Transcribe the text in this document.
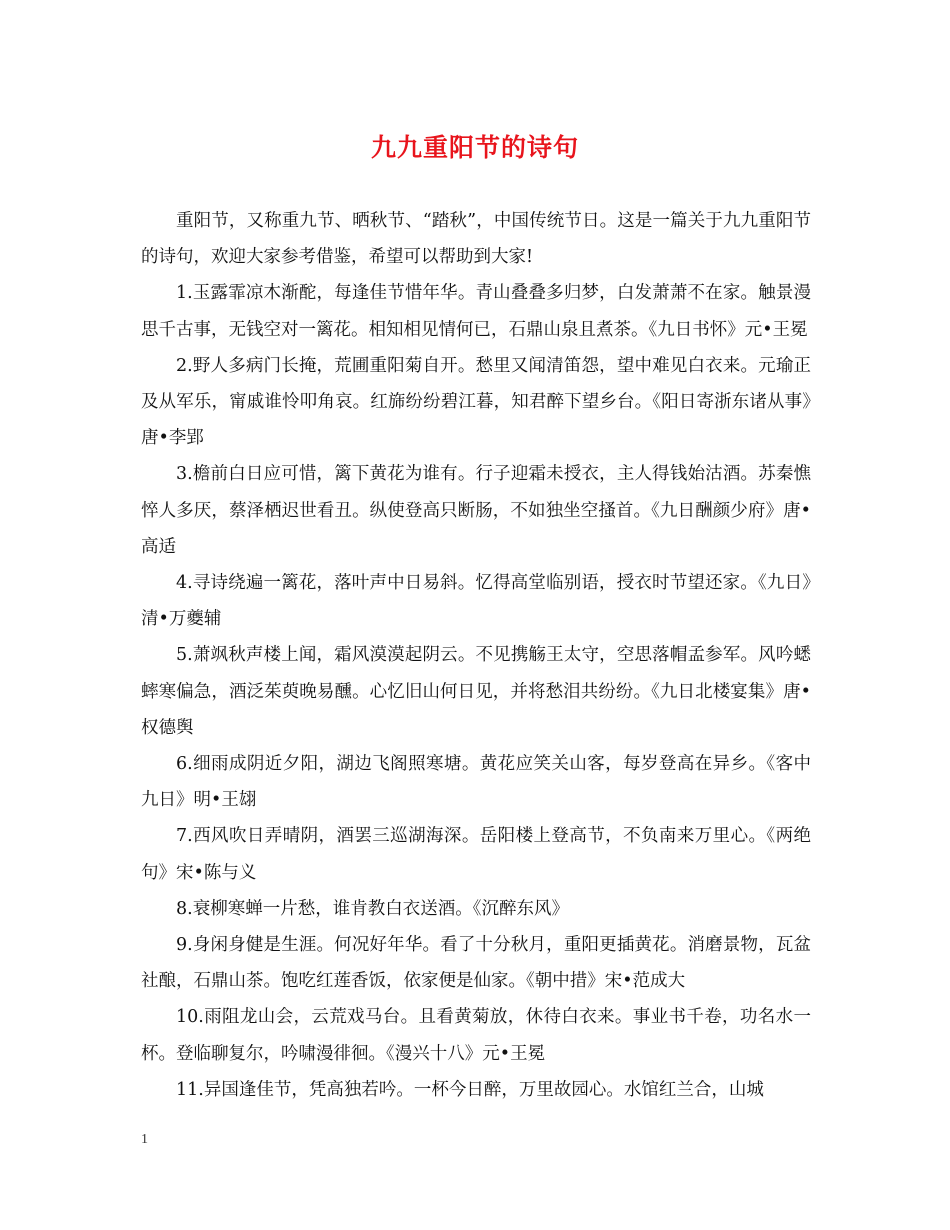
九九重阳节的诗句

重阳节，又称重九节、晒秋节、“踏秋”，中国传统节日。这是一篇关于九九重阳节的诗句，欢迎大家参考借鉴，希望可以帮助到大家!

1.玉露霏凉木渐酡，每逢佳节惜年华。青山叠叠多归梦，白发萧萧不在家。触景漫思千古事，无钱空对一篱花。相知相见情何已，石鼎山泉且煮茶。《九日书怀》元•王冕

2.野人多病门长掩，荒圃重阳菊自开。愁里又闻清笛怨，望中难见白衣来。元瑜正及从军乐，甯戚谁怜叩角哀。红旆纷纷碧江暮，知君醉下望乡台。《阳日寄浙东诸从事》唐•李郢

3.檐前白日应可惜，篱下黄花为谁有。行子迎霜未授衣，主人得钱始沽酒。苏秦憔悴人多厌，蔡泽栖迟世看丑。纵使登高只断肠，不如独坐空搔首。《九日酬颜少府》唐•高适

4.寻诗绕遍一篱花，落叶声中日易斜。忆得高堂临别语，授衣时节望还家。《九日》清•万夔辅

5.萧飒秋声楼上闻，霜风漠漠起阴云。不见携觞王太守，空思落帽孟参军。风吟蟋蟀寒偏急，酒泛茱萸晚易醺。心忆旧山何日见，并将愁泪共纷纷。《九日北楼宴集》唐•权德舆

6.细雨成阴近夕阳，湖边飞阁照寒塘。黄花应笑关山客，每岁登高在异乡。《客中九日》明•王翃

7.西风吹日弄晴阴，酒罢三巡湖海深。岳阳楼上登高节，不负南来万里心。《两绝句》宋•陈与义

8.衰柳寒蝉一片愁，谁肯教白衣送酒。《沉醉东风》

9.身闲身健是生涯。何况好年华。看了十分秋月，重阳更插黄花。消磨景物，瓦盆社酿，石鼎山茶。饱吃红莲香饭，依家便是仙家。《朝中措》宋•范成大

10.雨阻龙山会，云荒戏马台。且看黄菊放，休待白衣来。事业书千卷，功名水一杯。登临聊复尔，吟啸漫徘徊。《漫兴十八》元•王冕

11.异国逢佳节，凭高独若吟。一杯今日醉，万里故园心。水馆红兰合，山城

1
